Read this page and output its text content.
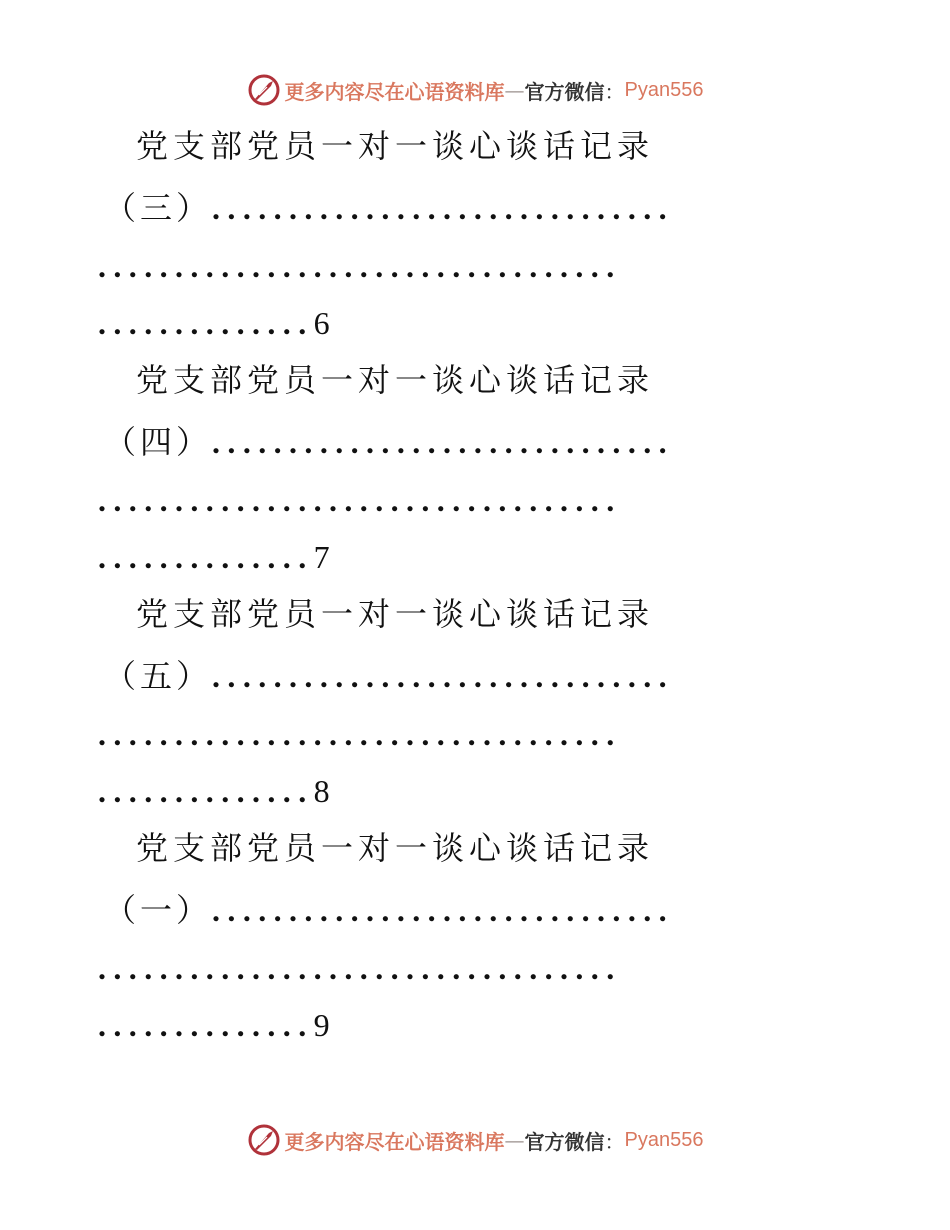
更多内容尽在心语资料库 — 官方微信 ： Pyan556
党支部党员一对一谈心谈话记录
（三）..............................
..................................
..............6
党支部党员一对一谈心谈话记录
（四）..............................
..................................
..............7
党支部党员一对一谈心谈话记录
（五）..............................
..................................
..............8
党支部党员一对一谈心谈话记录
（一）..............................
..................................
..............9
更多内容尽在心语资料库 — 官方微信 ： Pyan556
